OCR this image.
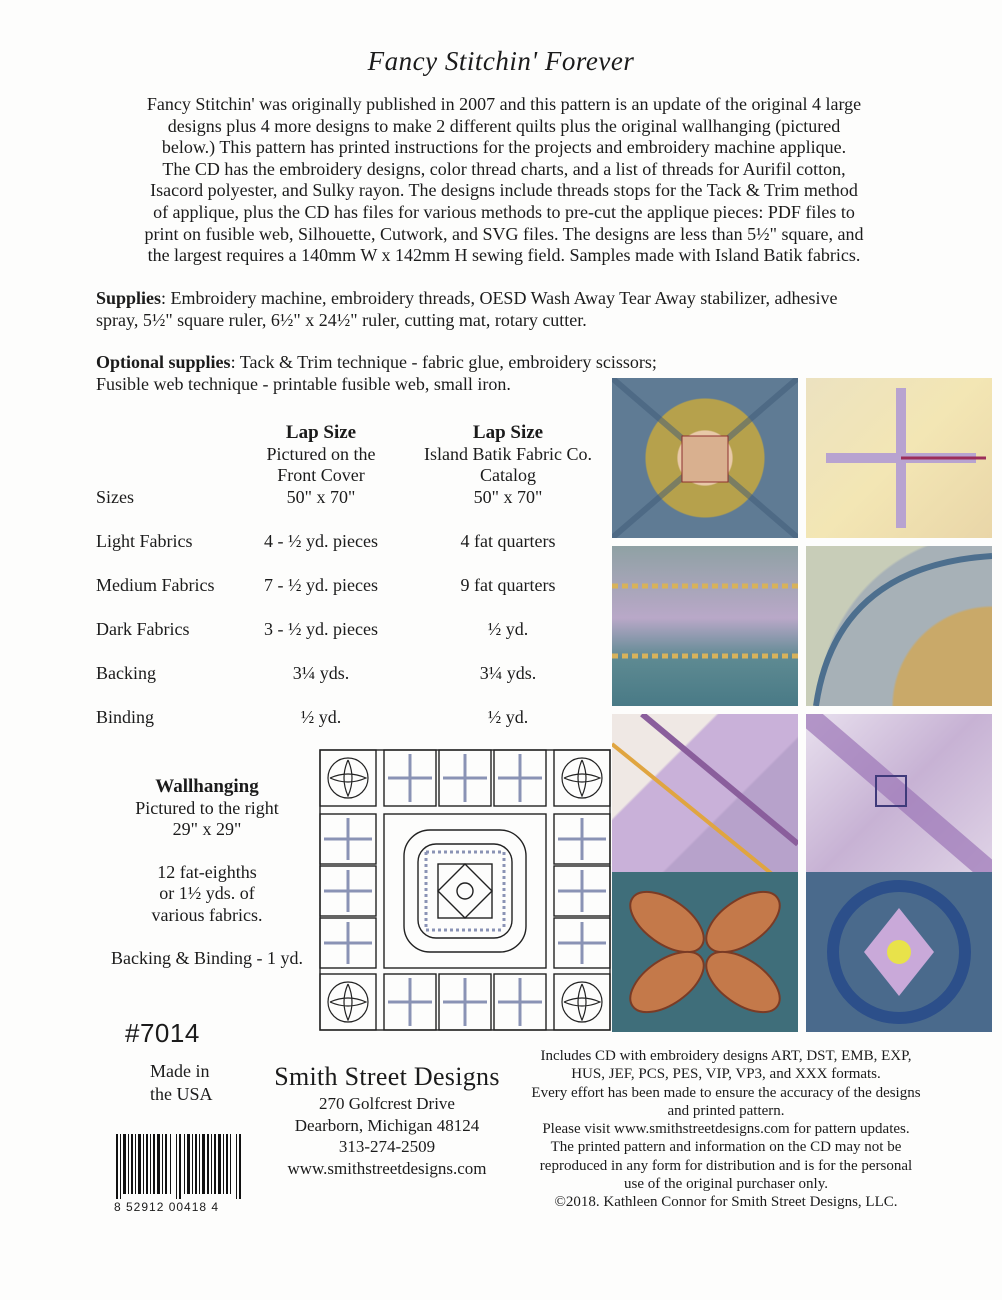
Fancy Stitchin' Forever
Fancy Stitchin' was originally published in 2007 and this pattern is an update of the original 4 large
designs plus 4 more designs to make 2 different quilts plus the original wallhanging (pictured
below.) This pattern has printed instructions for the projects and embroidery machine applique.
The CD has the embroidery designs, color thread charts, and a list of threads for Aurifil cotton,
Isacord polyester, and Sulky rayon. The designs include threads stops for the Tack & Trim method
of applique, plus the CD has files for various methods to pre-cut the applique pieces: PDF files to
print on fusible web, Silhouette, Cutwork, and SVG files. The designs are less than 5½" square, and
the largest requires a 140mm W x 142mm H sewing field. Samples made with Island Batik fabrics.
Supplies: Embroidery machine, embroidery threads, OESD Wash Away Tear Away stabilizer, adhesive
spray, 5½" square ruler, 6½" x 24½" ruler, cutting mat, rotary cutter.
Optional supplies: Tack & Trim technique - fabric glue, embroidery scissors;
Fusible web technique - printable fusible web, small iron.
Lap Size
Pictured on the
Front Cover
Lap Size
Island Batik Fabric Co.
Catalog
Sizes	50" x 70"	50" x 70"
Light Fabrics	4 - ½ yd. pieces	4 fat quarters
Medium Fabrics	7 - ½ yd. pieces	9 fat quarters
Dark Fabrics	3 - ½ yd. pieces	½ yd.
Backing	3¼ yds.	3¼ yds.
Binding	½ yd.	½ yd.

Wallhanging

Pictured to the right

29" x 29"

12 fat-eighths

or 1½ yds. of

various fabrics.

Backing & Binding - 1 yd.

#7014
Made in
the USA
8 52912 00418 4
Smith Street Designs
270 Golfcrest Drive
Dearborn, Michigan 48124
313-274-2509
www.smithstreetdesigns.com
Includes CD with embroidery designs ART, DST, EMB, EXP,
HUS, JEF, PCS, PES, VIP, VP3, and XXX formats.
Every effort has been made to ensure the accuracy of the designs
and printed pattern.
Please visit www.smithstreetdesigns.com for pattern updates.
The printed pattern and information on the CD may not be
reproduced in any form for distribution and is for the personal
use of the original purchaser only.
©2018. Kathleen Connor for Smith Street Designs, LLC.
